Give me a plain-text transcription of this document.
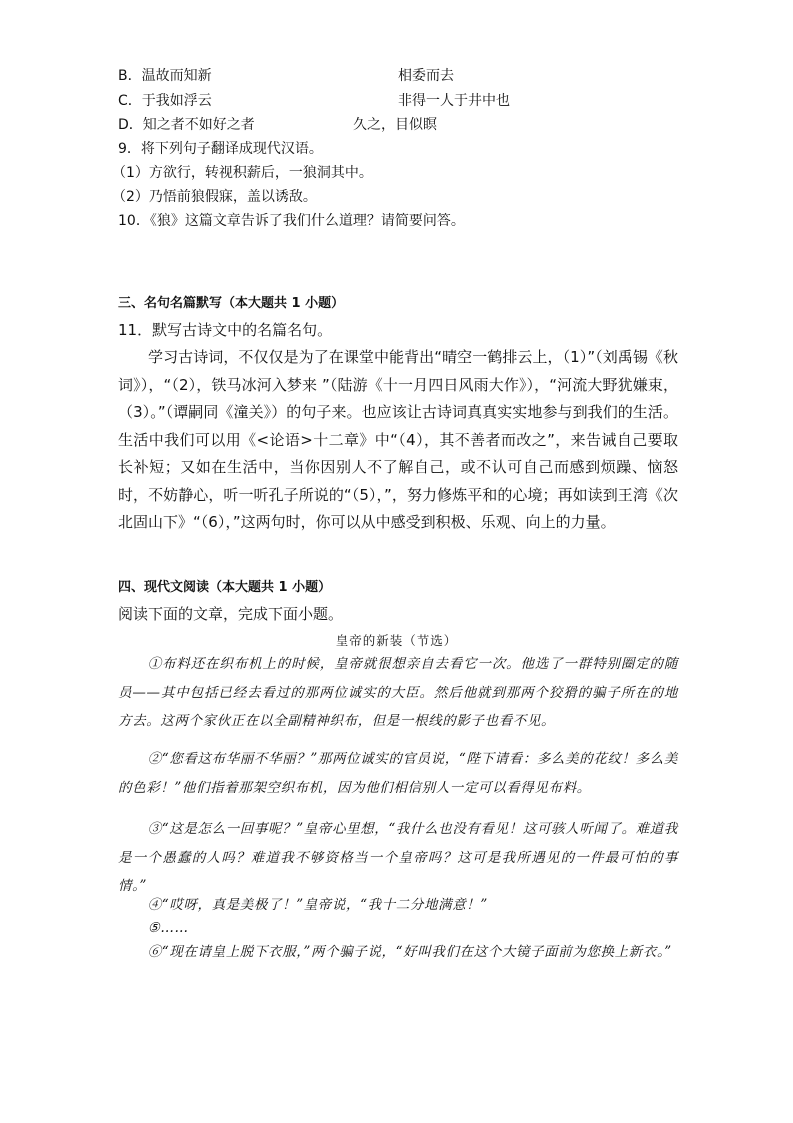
B．温故而知新	相委而去
C．于我如浮云	非得一人于井中也
D．知之者不如好之者	久之，目似瞑
9．将下列句子翻译成现代汉语。
（1）方欲行，转视积薪后，一狼洞其中。
（2）乃悟前狼假寐，盖以诱敌。
10．《狼》这篇文章告诉了我们什么道理？请简要问答。
三、名句名篇默写（本大题共 1 小题）
11．默写古诗文中的名篇名句。
学习古诗词，不仅仅是为了在课堂中能背出“晴空一鹤排云上，（1）”（刘禹锡《秋词》），“（2），铁马冰河入梦来 ”（陆游《十一月四日风雨大作》），“河流大野犹嫌束，（3）。”（谭嗣同《潼关》）的句子来。也应该让古诗词真真实实地参与到我们的生活。生活中我们可以用《<论语>十二章》中“（4），其不善者而改之”，来告诫自己要取长补短；又如在生活中，当你因别人不了解自己，或不认可自己而感到烦躁、恼怒时，不妨静心，听一听孔子所说的“（5），”，努力修炼平和的心境；再如读到王湾《次北固山下》“（6），”这两句时，你可以从中感受到积极、乐观、向上的力量。
四、现代文阅读（本大题共 1 小题）
阅读下面的文章，完成下面小题。
皇帝的新装（节选）
①布料还在织布机上的时候，皇帝就很想亲自去看它一次。他选了一群特别圈定的随员——其中包括已经去看过的那两位诚实的大臣。然后他就到那两个狡猾的骗子所在的地方去。这两个家伙正在以全副精神织布，但是一根线的影子也看不见。
②“您看这布华丽不华丽？”那两位诚实的官员说，“陛下请看：多么美的花纹！多么美的色彩！”他们指着那架空织布机，因为他们相信别人一定可以看得见布料。
③“这是怎么一回事呢？”皇帝心里想，“我什么也没有看见！这可骇人听闻了。难道我是一个愚蠢的人吗？难道我不够资格当一个皇帝吗？这可是我所遇见的一件最可怕的事情。”
④“哎呀，真是美极了！”皇帝说，“我十二分地满意！”
⑤……
⑥“现在请皇上脱下衣服，”两个骗子说，“好叫我们在这个大镜子面前为您换上新衣。”
